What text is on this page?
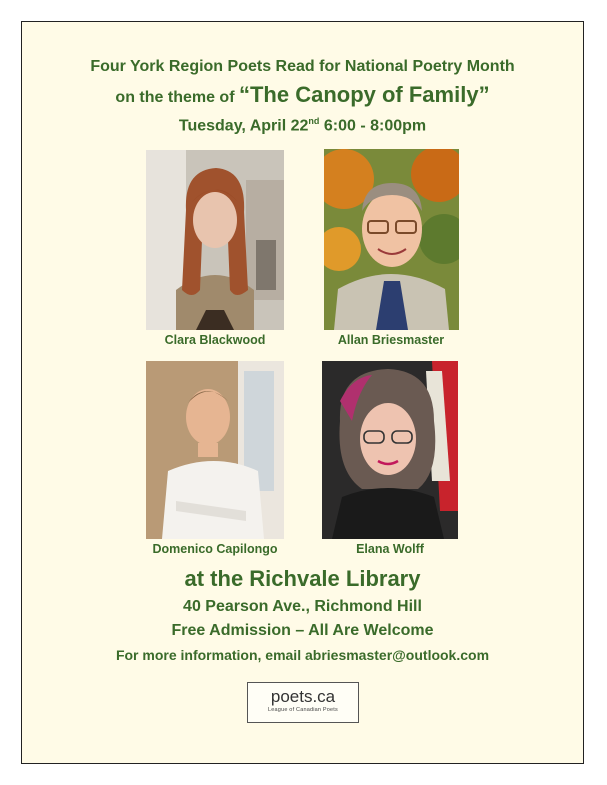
Four York Region Poets Read for National Poetry Month
on the theme of “The Canopy of Family”
Tuesday, April 22nd 6:00 - 8:00pm
Clara Blackwood	Allan Briesmaster
Domenico Capilongo	Elana Wolff
at the Richvale Library
40 Pearson Ave., Richmond Hill
Free Admission – All Are Welcome
For more information, email abriesmaster@outlook.com
poets.ca
League of Canadian Poets
